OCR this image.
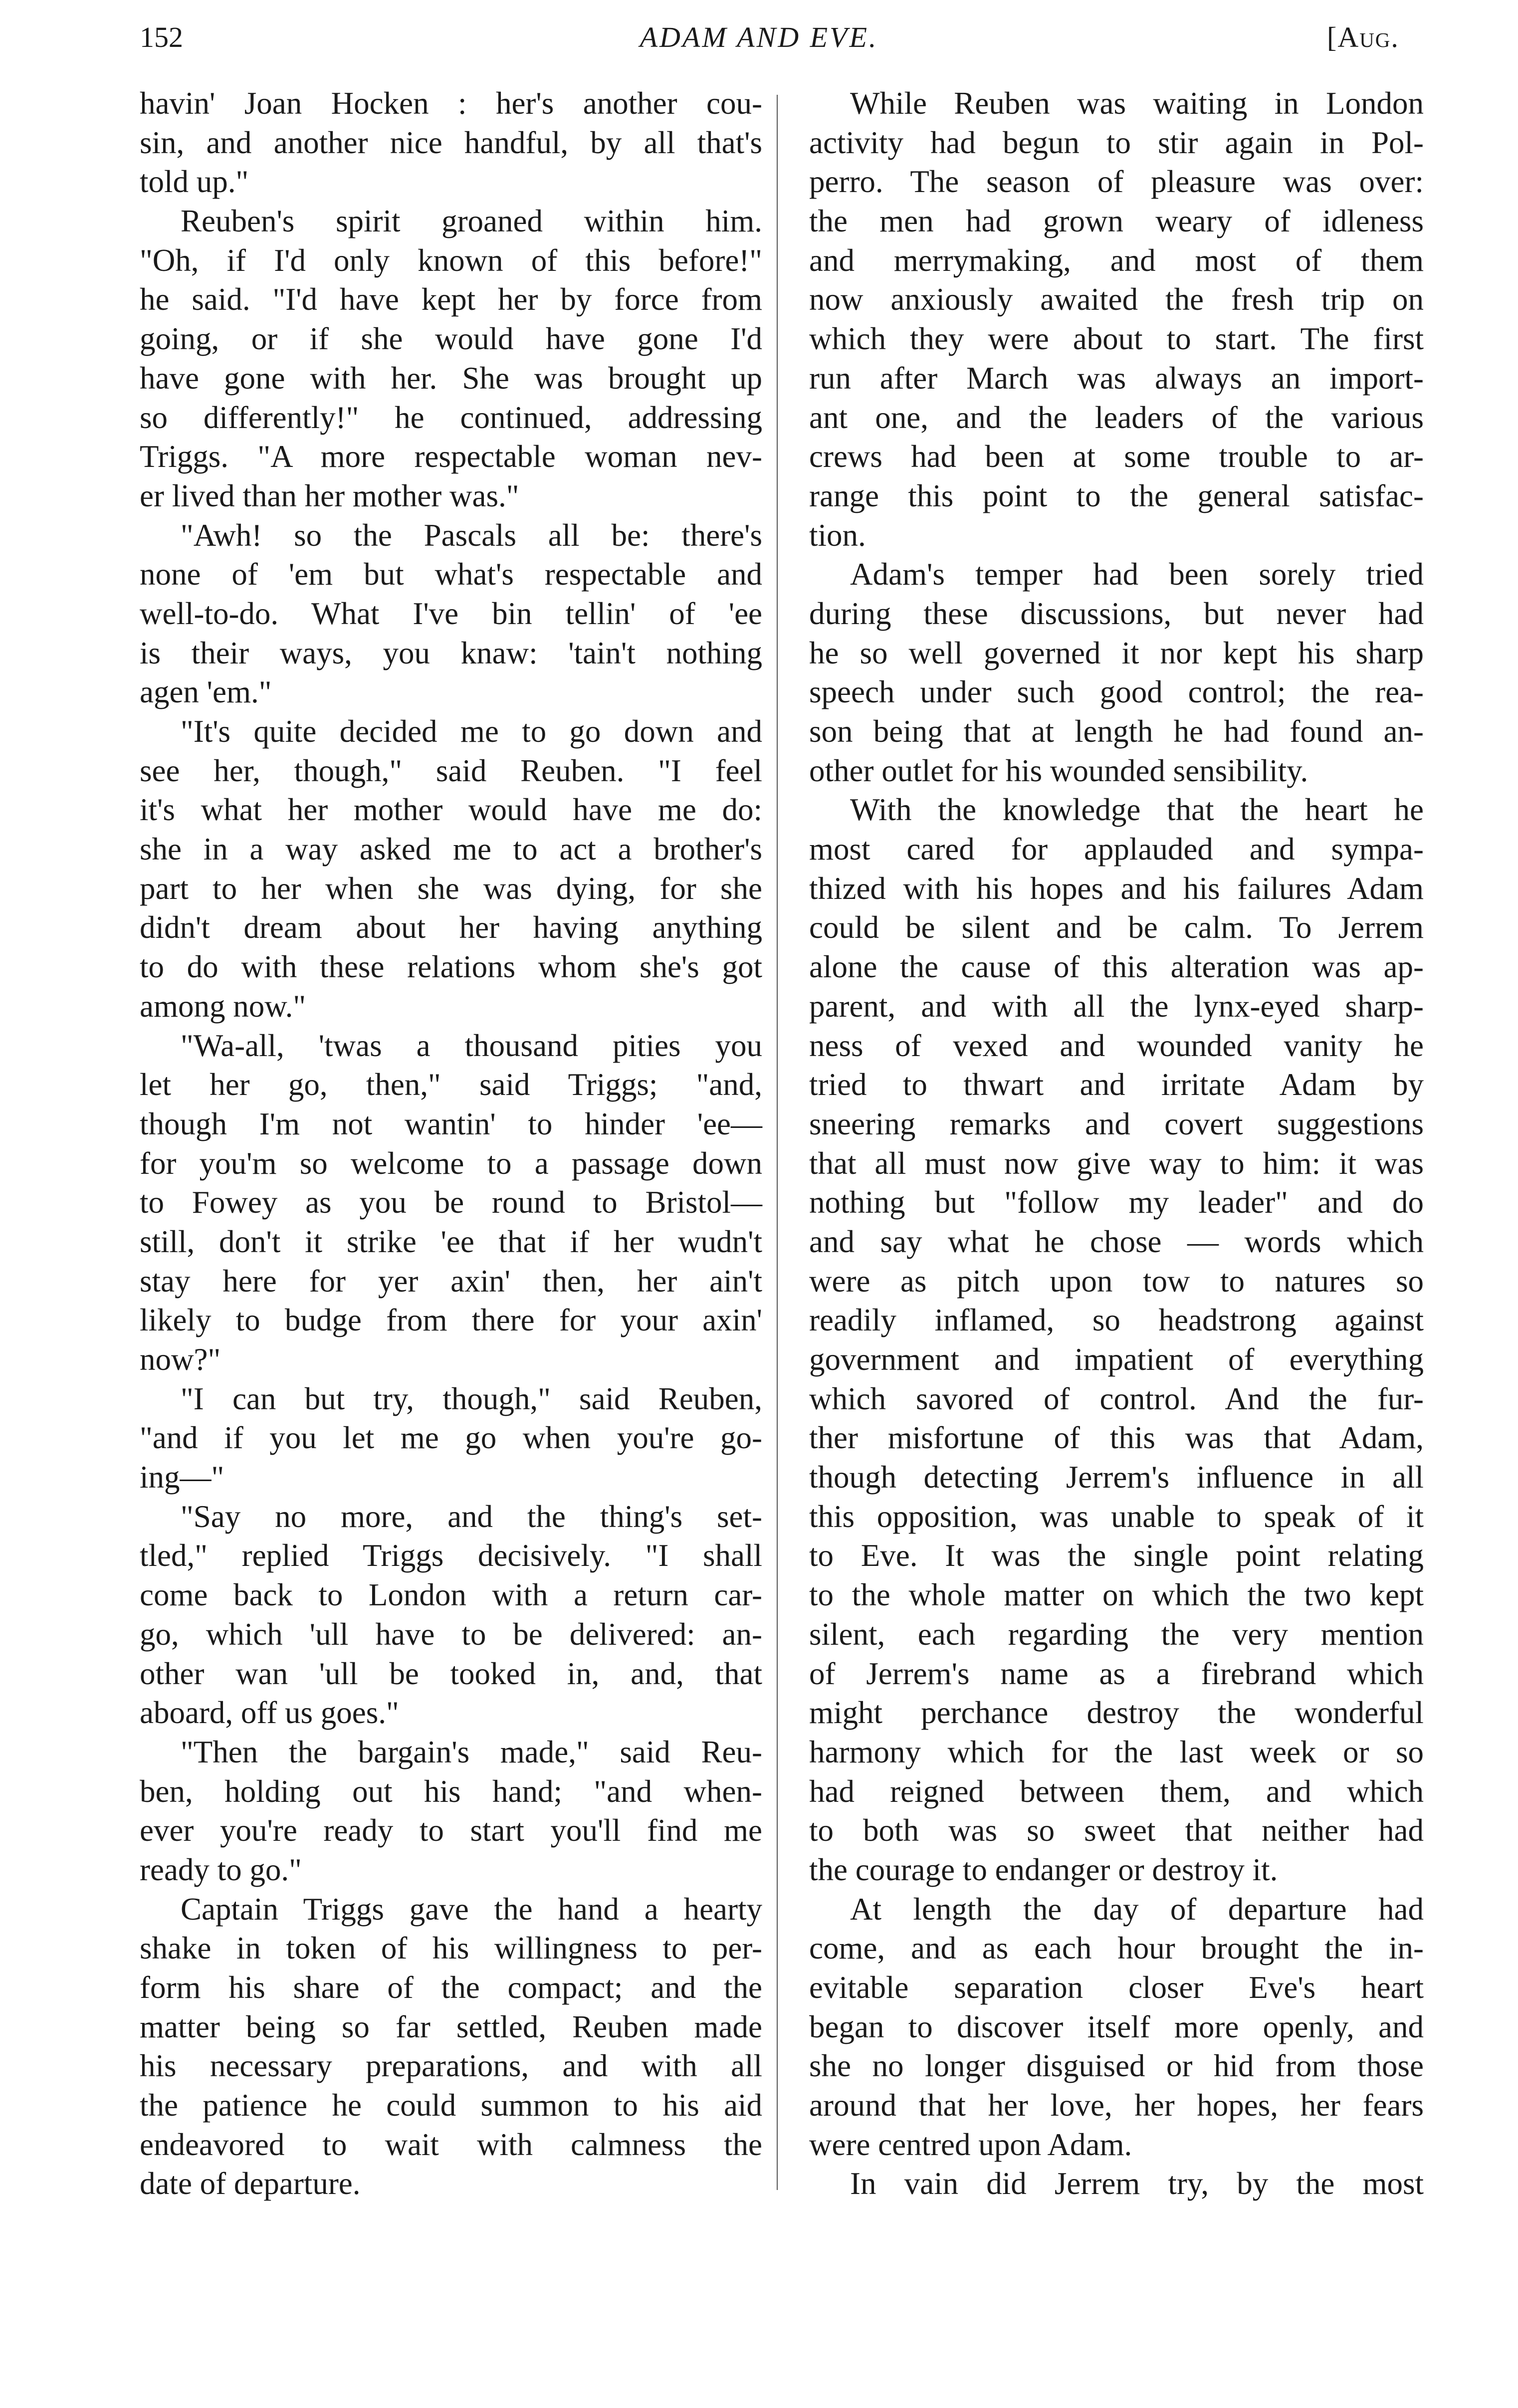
152	ADAM AND EVE.	[Aug.
havin' Joan Hocken : her's another cou-
sin, and another nice handful, by all that's
told up."
Reuben's spirit groaned within him.
"Oh, if I'd only known of this before!"
he said. "I'd have kept her by force from
going, or if she would have gone I'd
have gone with her. She was brought up
so differently!" he continued, addressing
Triggs. "A more respectable woman nev-
er lived than her mother was."
"Awh! so the Pascals all be: there's
none of 'em but what's respectable and
well-to-do. What I've bin tellin' of 'ee
is their ways, you knaw: 'tain't nothing
agen 'em."
"It's quite decided me to go down and
see her, though," said Reuben. "I feel
it's what her mother would have me do:
she in a way asked me to act a brother's
part to her when she was dying, for she
didn't dream about her having anything
to do with these relations whom she's got
among now."
"Wa-all, 'twas a thousand pities you
let her go, then," said Triggs; "and,
though I'm not wantin' to hinder 'ee—
for you'm so welcome to a passage down
to Fowey as you be round to Bristol—
still, don't it strike 'ee that if her wudn't
stay here for yer axin' then, her ain't
likely to budge from there for your axin'
now?"
"I can but try, though," said Reuben,
"and if you let me go when you're go-
ing—"
"Say no more, and the thing's set-
tled," replied Triggs decisively. "I shall
come back to London with a return car-
go, which 'ull have to be delivered: an-
other wan 'ull be tooked in, and, that
aboard, off us goes."
"Then the bargain's made," said Reu-
ben, holding out his hand; "and when-
ever you're ready to start you'll find me
ready to go."
Captain Triggs gave the hand a hearty
shake in token of his willingness to per-
form his share of the compact; and the
matter being so far settled, Reuben made
his necessary preparations, and with all
the patience he could summon to his aid
endeavored to wait with calmness the
date of departure.
While Reuben was waiting in London
activity had begun to stir again in Pol-
perro. The season of pleasure was over:
the men had grown weary of idleness
and merrymaking, and most of them
now anxiously awaited the fresh trip on
which they were about to start. The first
run after March was always an import-
ant one, and the leaders of the various
crews had been at some trouble to ar-
range this point to the general satisfac-
tion.
Adam's temper had been sorely tried
during these discussions, but never had
he so well governed it nor kept his sharp
speech under such good control; the rea-
son being that at length he had found an-
other outlet for his wounded sensibility.
With the knowledge that the heart he
most cared for applauded and sympa-
thized with his hopes and his failures Adam
could be silent and be calm. To Jerrem
alone the cause of this alteration was ap-
parent, and with all the lynx-eyed sharp-
ness of vexed and wounded vanity he
tried to thwart and irritate Adam by
sneering remarks and covert suggestions
that all must now give way to him: it was
nothing but "follow my leader" and do
and say what he chose — words which
were as pitch upon tow to natures so
readily inflamed, so headstrong against
government and impatient of everything
which savored of control. And the fur-
ther misfortune of this was that Adam,
though detecting Jerrem's influence in all
this opposition, was unable to speak of it
to Eve. It was the single point relating
to the whole matter on which the two kept
silent, each regarding the very mention
of Jerrem's name as a firebrand which
might perchance destroy the wonderful
harmony which for the last week or so
had reigned between them, and which
to both was so sweet that neither had
the courage to endanger or destroy it.
At length the day of departure had
come, and as each hour brought the in-
evitable separation closer Eve's heart
began to discover itself more openly, and
she no longer disguised or hid from those
around that her love, her hopes, her fears
were centred upon Adam.
In vain did Jerrem try, by the most
